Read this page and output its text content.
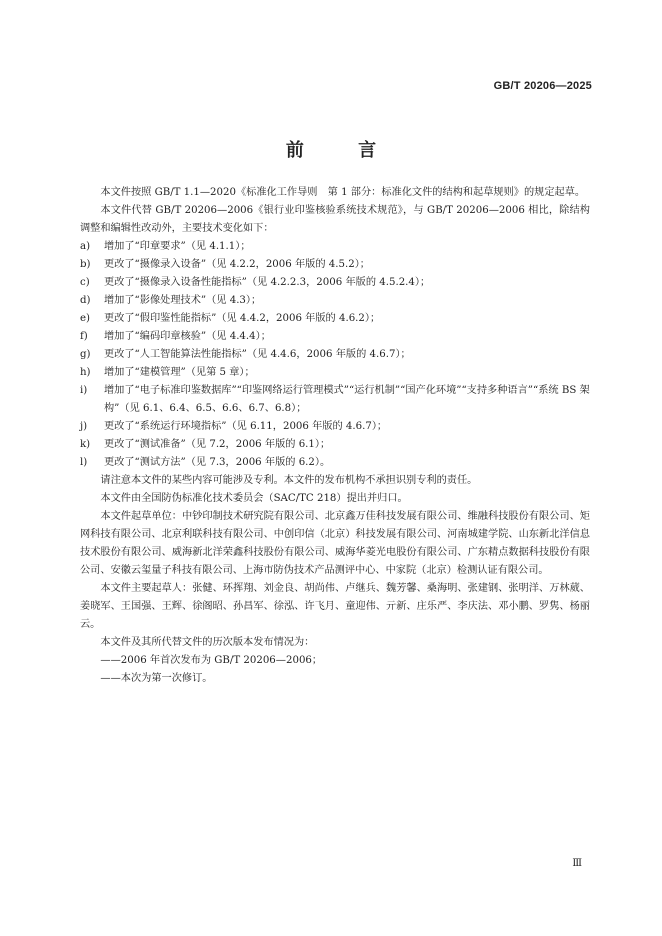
GB/T 20206—2025
前 言

本文件按照 GB/T 1.1—2020《标准化工作导则　第 1 部分：标准化文件的结构和起草规则》的规定起草。

本文件代替 GB/T 20206—2006《银行业印鉴核验系统技术规范》，与 GB/T 20206—2006 相比，除结构调整和编辑性改动外，主要技术变化如下：

a)	增加了“印章要求”（见 4.1.1）；

b)	更改了“摄像录入设备”（见 4.2.2，2006 年版的 4.5.2）；

c)	更改了“摄像录入设备性能指标”（见 4.2.2.3，2006 年版的 4.5.2.4）；

d)	增加了“影像处理技术”（见 4.3）；

e)	更改了“假印鉴性能指标”（见 4.4.2，2006 年版的 4.6.2）；

f)	增加了“编码印章核验”（见 4.4.4）；

g)	更改了“人工智能算法性能指标”（见 4.4.6，2006 年版的 4.6.7）；

h)	增加了“建模管理”（见第 5 章）；

i)	增加了“电子标准印鉴数据库”“印鉴网络运行管理模式”“运行机制”“国产化环境”“支持多种语言”“系统 BS 架构”（见 6.1、6.4、6.5、6.6、6.7、6.8）；

j)	更改了“系统运行环境指标”（见 6.11，2006 年版的 4.6.7）；

k)	更改了“测试准备”（见 7.2，2006 年版的 6.1）；

l)	更改了“测试方法”（见 7.3，2006 年版的 6.2）。

请注意本文件的某些内容可能涉及专利。本文件的发布机构不承担识别专利的责任。

本文件由全国防伪标准化技术委员会（SAC/TC 218）提出并归口。

本文件起草单位：中钞印制技术研究院有限公司、北京鑫万佳科技发展有限公司、维融科技股份有限公司、矩网科技有限公司、北京利联科技有限公司、中创印信（北京）科技发展有限公司、河南城建学院、山东新北洋信息技术股份有限公司、威海新北洋荣鑫科技股份有限公司、威海华菱光电股份有限公司、广东精点数据科技股份有限公司、安徽云玺量子科技有限公司、上海市防伪技术产品测评中心、中家院（北京）检测认证有限公司。

本文件主要起草人：张健、环挥翔、刘金良、胡尚伟、卢继兵、魏芳馨、桑海明、张建钢、张明洋、万林葳、姜晓军、王国强、王辉、徐阁昭、孙昌军、徐泓、许飞月、童迎伟、亓新、庄乐严、李庆法、邓小鹏、罗隽、杨丽云。

本文件及其所代替文件的历次版本发布情况为：

——2006 年首次发布为 GB/T 20206—2006；

——本次为第一次修订。

Ⅲ
